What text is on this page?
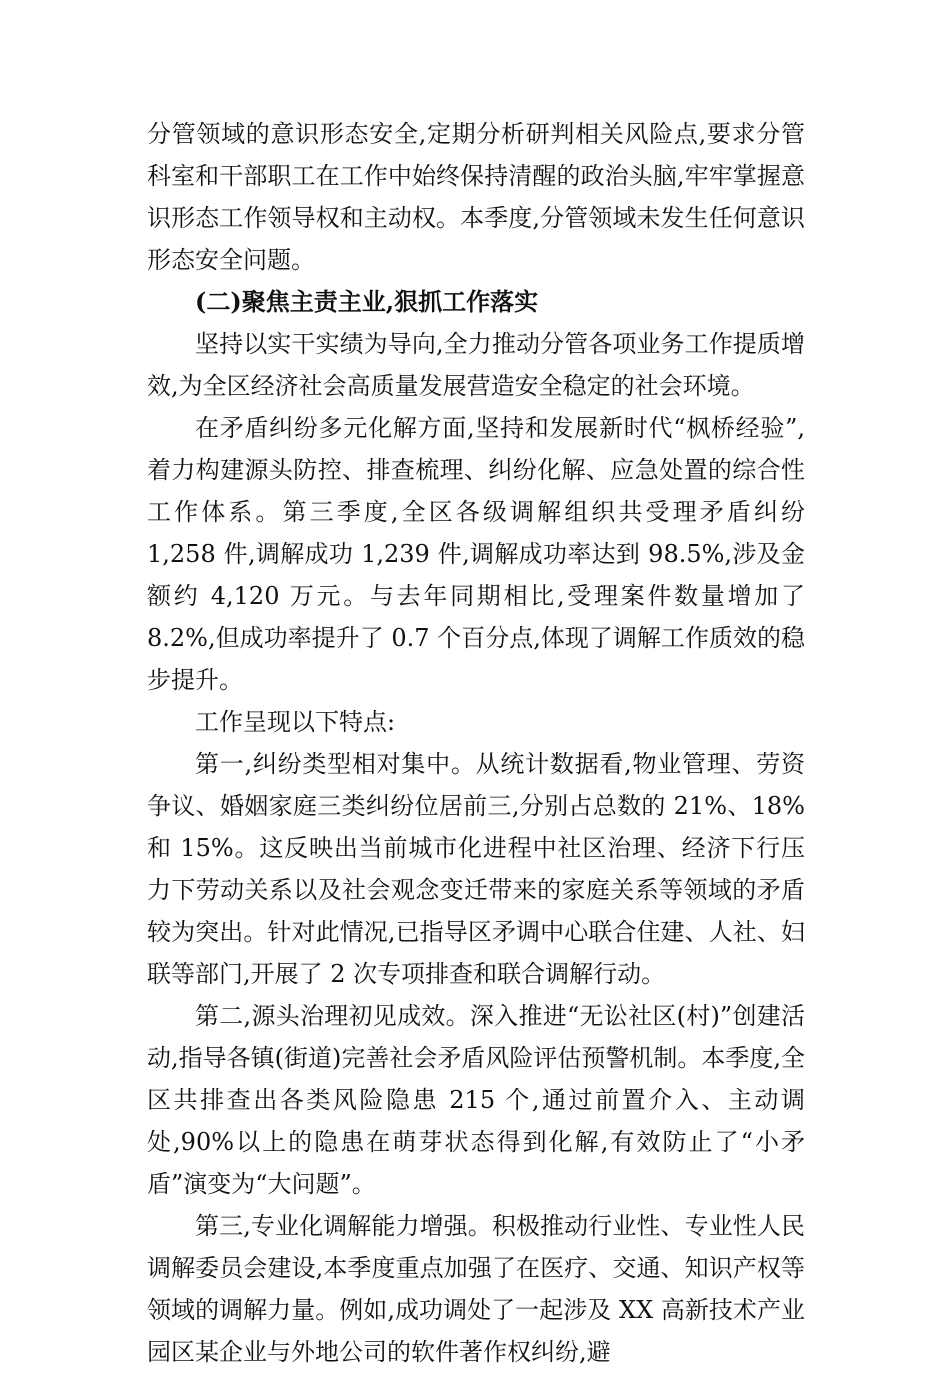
分管领域的意识形态安全,定期分析研判相关风险点,要求分管科室和干部职工在工作中始终保持清醒的政治头脑,牢牢掌握意识形态工作领导权和主动权。本季度,分管领域未发生任何意识形态安全问题。

(二)聚焦主责主业,狠抓工作落实

坚持以实干实绩为导向,全力推动分管各项业务工作提质增效,为全区经济社会高质量发展营造安全稳定的社会环境。

在矛盾纠纷多元化解方面,坚持和发展新时代“枫桥经验”,着力构建源头防控、排查梳理、纠纷化解、应急处置的综合性工作体系。第三季度,全区各级调解组织共受理矛盾纠纷 1,258 件,调解成功 1,239 件,调解成功率达到 98.5%,涉及金额约 4,120 万元。与去年同期相比,受理案件数量增加了 8.2%,但成功率提升了 0.7 个百分点,体现了调解工作质效的稳步提升。

工作呈现以下特点:

第一,纠纷类型相对集中。从统计数据看,物业管理、劳资争议、婚姻家庭三类纠纷位居前三,分别占总数的 21%、18%和 15%。这反映出当前城市化进程中社区治理、经济下行压力下劳动关系以及社会观念变迁带来的家庭关系等领域的矛盾较为突出。针对此情况,已指导区矛调中心联合住建、人社、妇联等部门,开展了 2 次专项排查和联合调解行动。

第二,源头治理初见成效。深入推进“无讼社区(村)”创建活动,指导各镇(街道)完善社会矛盾风险评估预警机制。本季度,全区共排查出各类风险隐患 215 个,通过前置介入、主动调处,90%以上的隐患在萌芽状态得到化解,有效防止了“小矛盾”演变为“大问题”。

第三,专业化调解能力增强。积极推动行业性、专业性人民调解委员会建设,本季度重点加强了在医疗、交通、知识产权等领域的调解力量。例如,成功调处了一起涉及 XX 高新技术产业园区某企业与外地公司的软件著作权纠纷,避
